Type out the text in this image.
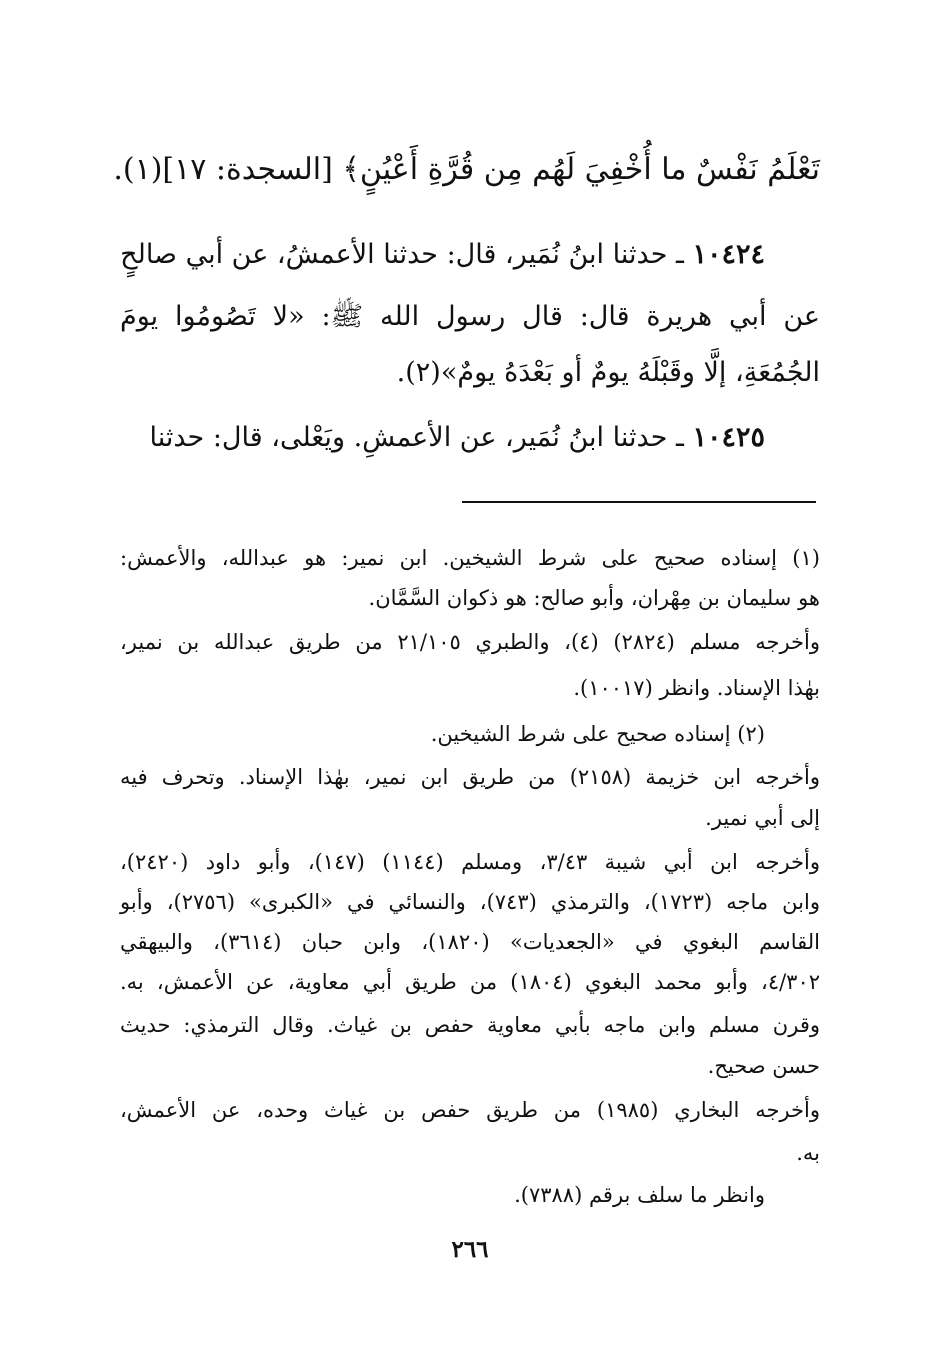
تَعْلَمُ نَفْسٌ ما أُخْفِيَ لَهُم مِن قُرَّةِ أَعْيُنٍ﴾ [السجدة: ١٧](١).
١٠٤٢٤ ـ حدثنا ابنُ نُمَير، قال: حدثنا الأعمشُ، عن أبي صالحٍ
عن أبي هريرة قال: قال رسول الله ﷺ: «لا تَصُومُوا يومَ
الجُمُعَةِ، إلَّا وقَبْلَهُ يومٌ أو بَعْدَهُ يومٌ»(٢).
١٠٤٢٥ ـ حدثنا ابنُ نُمَير، عن الأعمشِ. ويَعْلى، قال: حدثنا
(١) إسناده صحيح على شرط الشيخين. ابن نمير: هو عبدالله، والأعمش:
هو سليمان بن مِهْران، وأبو صالح: هو ذكوان السَّمَّان.
وأخرجه مسلم (٢٨٢٤) (٤)، والطبري ٢١/١٠٥ من طريق عبدالله بن نمير،
بهٰذا الإسناد. وانظر (١٠٠١٧).
(٢) إسناده صحيح على شرط الشيخين.
وأخرجه ابن خزيمة (٢١٥٨) من طريق ابن نمير، بهٰذا الإسناد. وتحرف فيه
إلى أبي نمير.
وأخرجه ابن أبي شيبة ٣/٤٣، ومسلم (١١٤٤) (١٤٧)، وأبو داود (٢٤٢٠)،
وابن ماجه (١٧٢٣)، والترمذي (٧٤٣)، والنسائي في «الكبرى» (٢٧٥٦)، وأبو
القاسم البغوي في «الجعديات» (١٨٢٠)، وابن حبان (٣٦١٤)، والبيهقي
٤/٣٠٢، وأبو محمد البغوي (١٨٠٤) من طريق أبي معاوية، عن الأعمش، به.
وقرن مسلم وابن ماجه بأبي معاوية حفص بن غياث. وقال الترمذي: حديث
حسن صحيح.
وأخرجه البخاري (١٩٨٥) من طريق حفص بن غياث وحده، عن الأعمش،
به.
وانظر ما سلف برقم (٧٣٨٨).
٢٦٦
